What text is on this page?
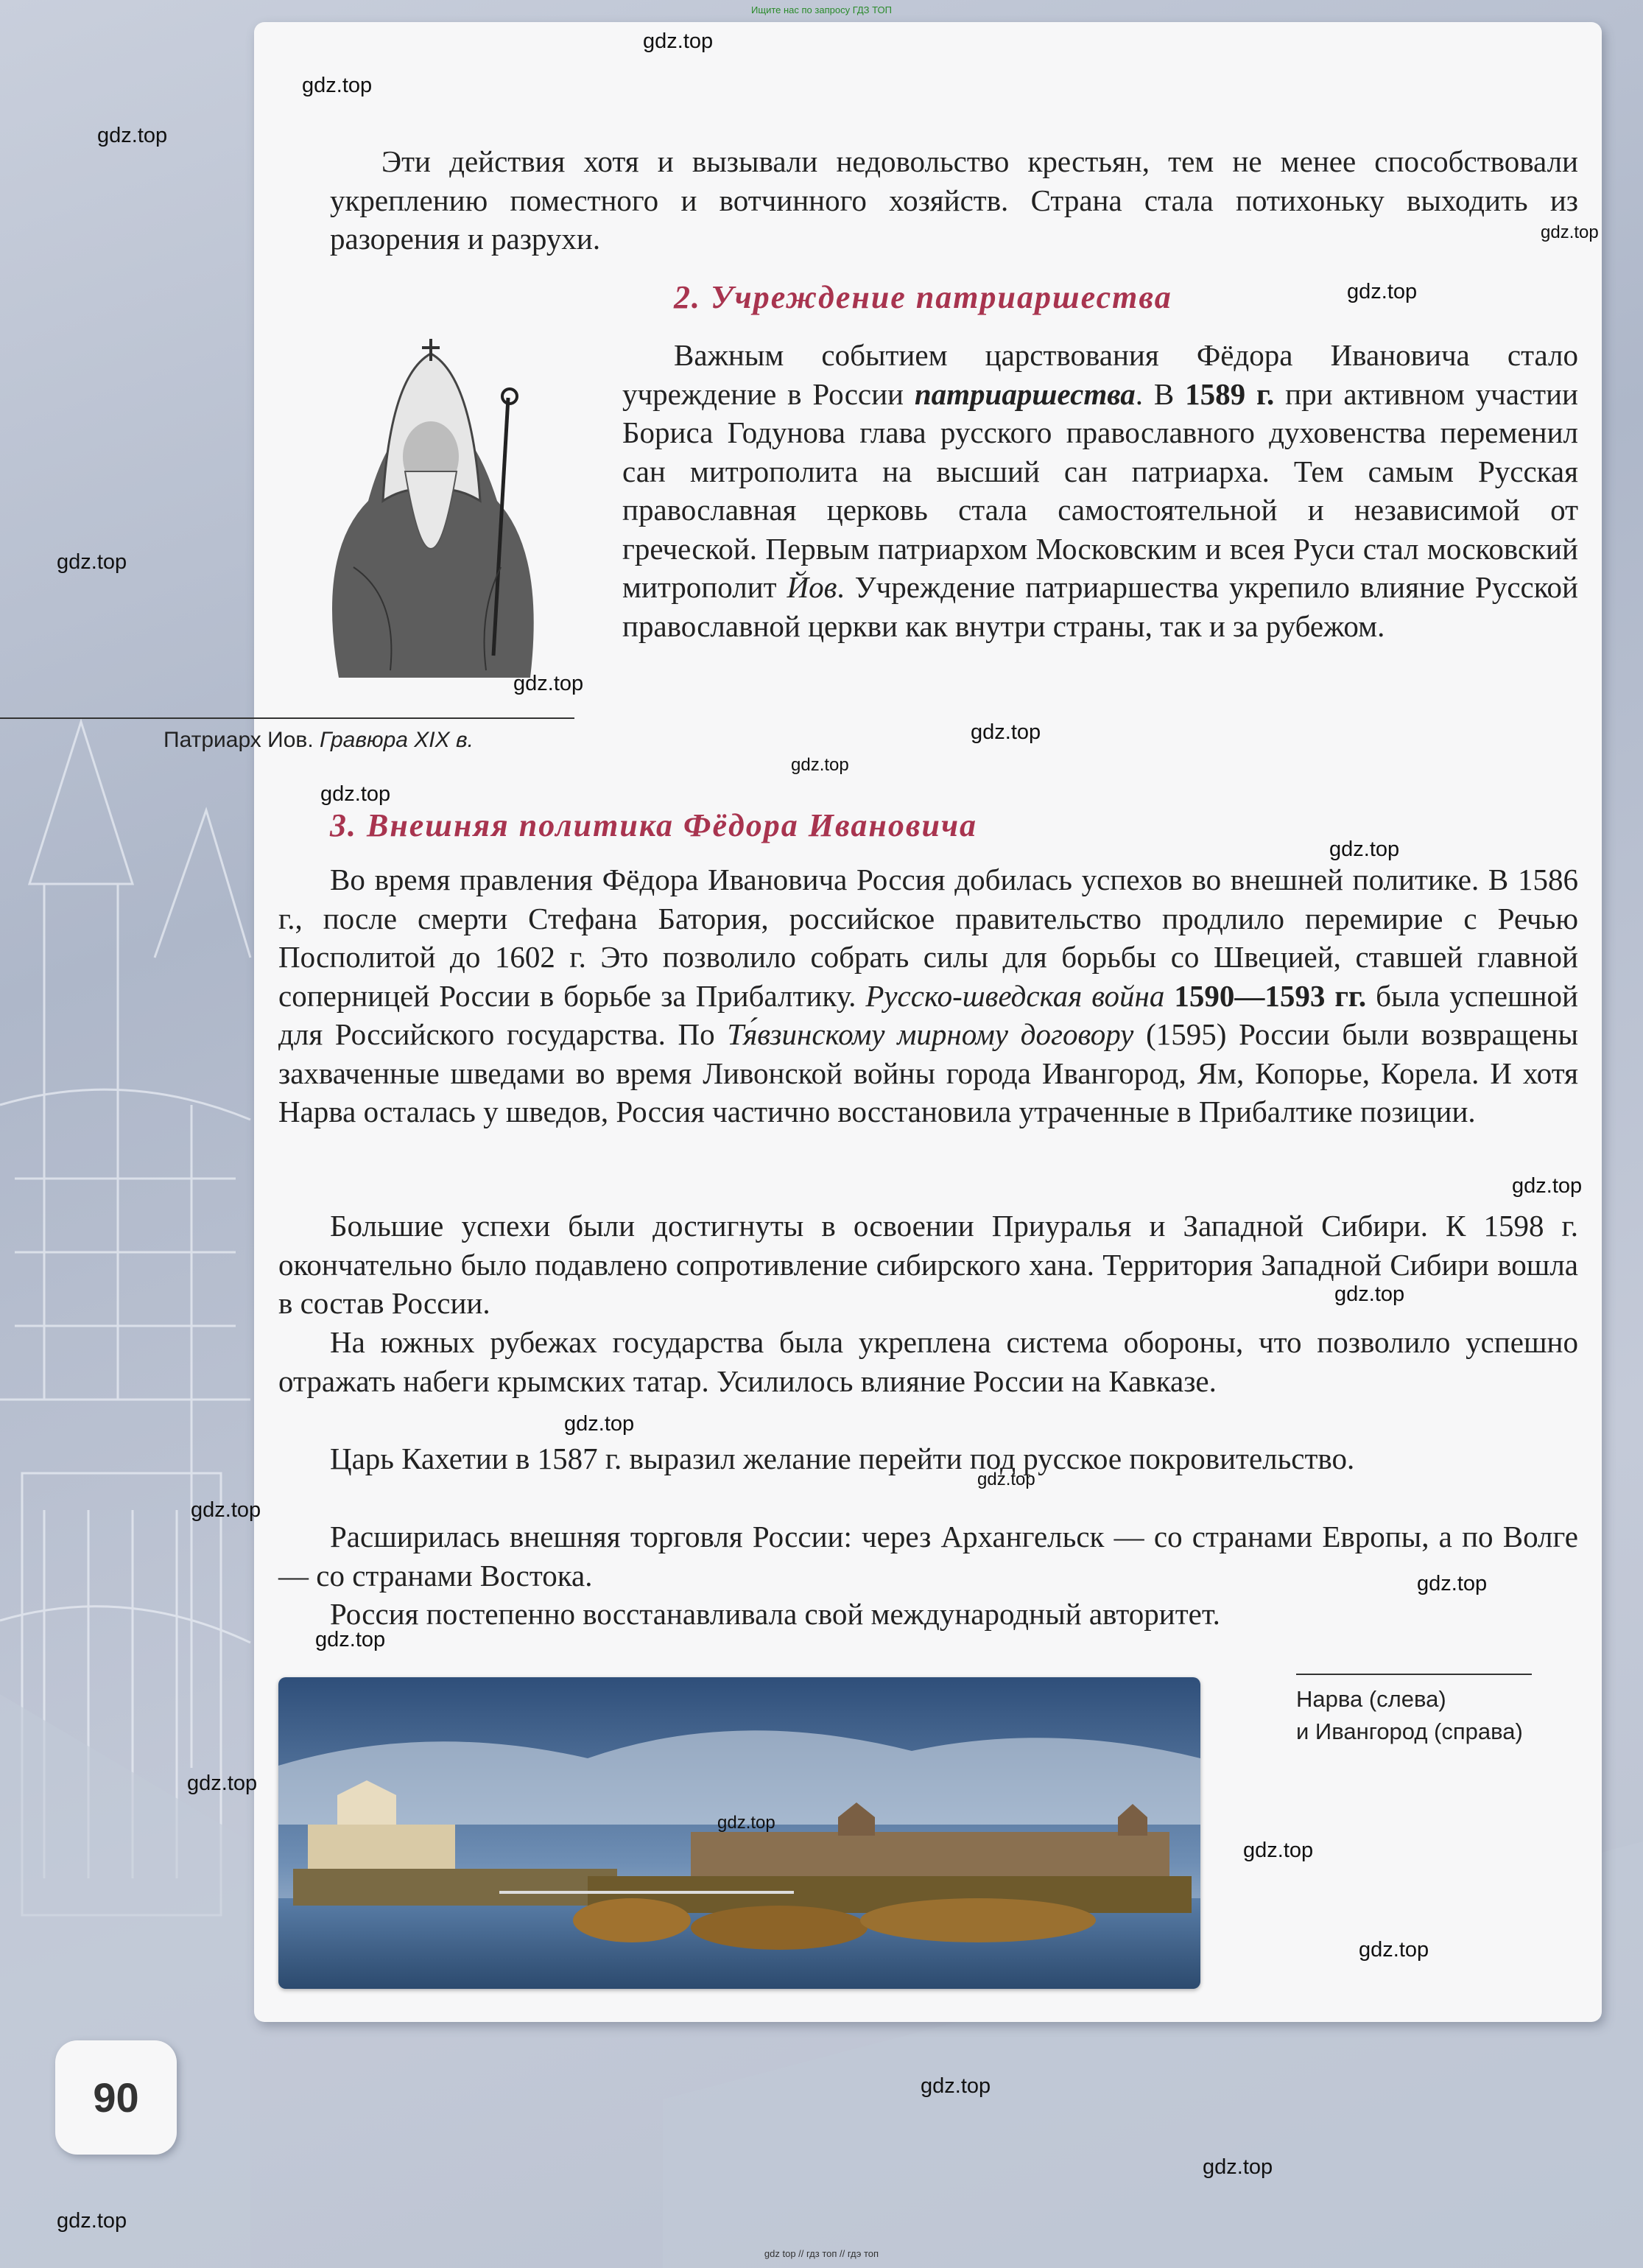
Ищите нас по запросу ГДЗ ТОП

Эти действия хотя и вызывали недовольство крестьян, тем не менее способствовали укреплению поместного и вотчинного хозяйств. Страна стала потихоньку выходить из разорения и разрухи.

2. Учреждение патриаршества
Патриарх Иов. Гравюра XIX в.

Важным событием царствования Фёдора Ивановича стало учреждение в России патриаршества. В 1589 г. при активном участии Бориса Годунова глава русского православного духовенства переменил сан митрополита на высший сан патриарха. Тем самым Русская православная церковь стала самостоятельной и независимой от греческой. Первым патриархом Московским и всея Руси стал московский митрополит Йов. Учреждение патриаршества укрепило влияние Русской православной церкви как внутри страны, так и за рубежом.

3. Внешняя политика Фёдора Ивановича

Во время правления Фёдора Ивановича Россия добилась успехов во внешней политике. В 1586 г., после смерти Стефана Батория, российское правительство продлило перемирие с Речью Посполитой до 1602 г. Это позволило собрать силы для борьбы со Швецией, ставшей главной соперницей России в борьбе за Прибалтику. Русско-шведская война 1590—1593 гг. была успешной для Российского государства. По Тя́взинскому мирному договору (1595) России были возвращены захваченные шведами во время Ливонской войны города Ивангород, Ям, Копорье, Корела. И хотя Нарва осталась у шведов, Россия частично восстановила утраченные в Прибалтике позиции.

Большие успехи были достигнуты в освоении Приуралья и Западной Сибири. К 1598 г. окончательно было подавлено сопротивление сибирского хана. Территория Западной Сибири вошла в состав России.

На южных рубежах государства была укреплена система обороны, что позволило успешно отражать набеги крымских татар. Усилилось влияние России на Кавказе.

Царь Кахетии в 1587 г. выразил желание перейти под русское покровительство.

Расширилась внешняя торговля России: через Архангельск — со странами Европы, а по Волге — со странами Востока.

Россия постепенно восстанавливала свой международный авторитет.

Нарва (слева)
и Ивангород (справа)
90
gdz.top
gdz.top
gdz.top
gdz.top
gdz.top
gdz.top
gdz.top
gdz.top
gdz.top
gdz.top
gdz.top
gdz.top
gdz.top
gdz.top
gdz.top
gdz.top
gdz.top
gdz.top
gdz.top
gdz.top
gdz.top
gdz.top
gdz.top
gdz.top
gdz.top
gdz top // гдз топ // гдэ топ
